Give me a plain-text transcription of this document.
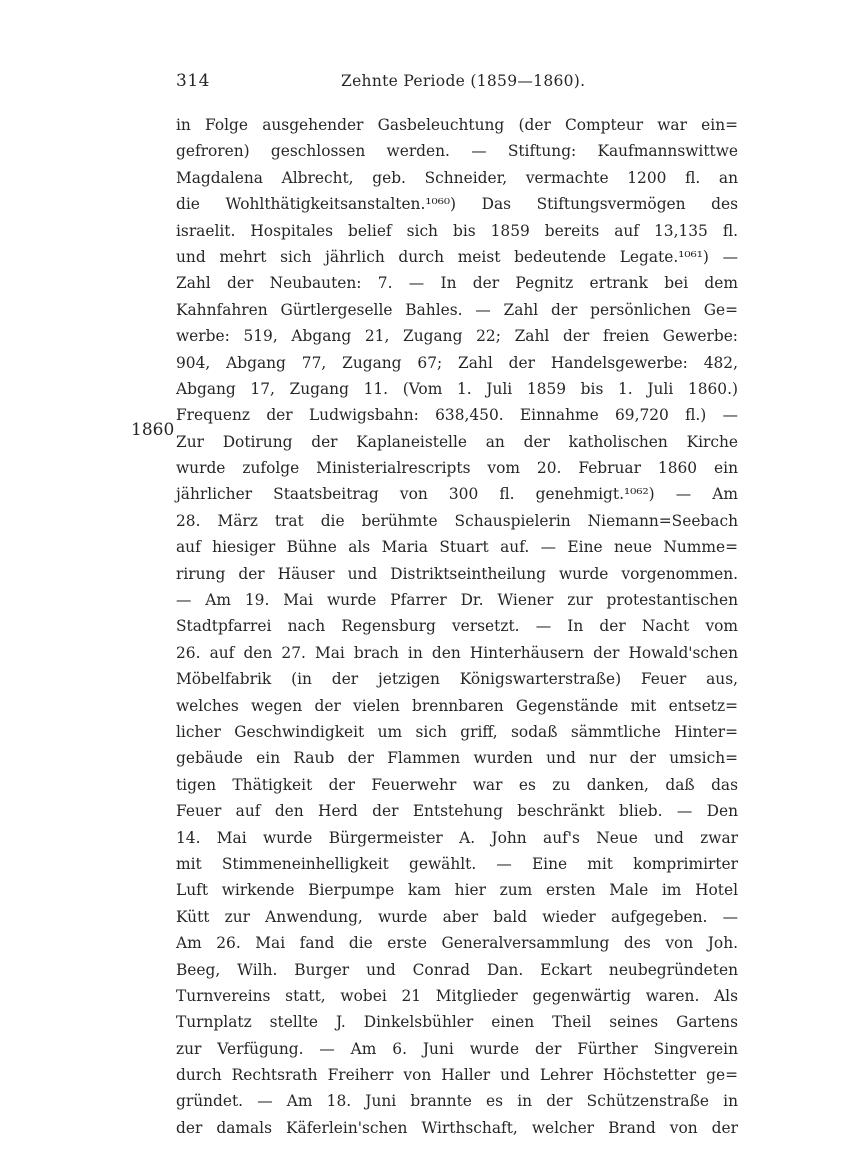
314	Zehnte Periode (1859—1860).
1860
in Folge ausgehender Gasbeleuchtung (der Compteur war ein=
gefroren) geschlossen werden. — Stiftung: Kaufmannswittwe
Magdalena Albrecht, geb. Schneider, vermachte 1200 fl. an
die Wohlthätigkeitsanstalten.¹⁰⁶⁰) Das Stiftungsvermögen des
israelit. Hospitales belief sich bis 1859 bereits auf 13,135 fl.
und mehrt sich jährlich durch meist bedeutende Legate.¹⁰⁶¹) —
Zahl der Neubauten: 7. — In der Pegnitz ertrank bei dem
Kahnfahren Gürtlergeselle Bahles. — Zahl der persönlichen Ge=
werbe: 519, Abgang 21, Zugang 22; Zahl der freien Gewerbe:
904, Abgang 77, Zugang 67; Zahl der Handelsgewerbe: 482,
Abgang 17, Zugang 11. (Vom 1. Juli 1859 bis 1. Juli 1860.)
Frequenz der Ludwigsbahn: 638,450. Einnahme 69,720 fl.) —
Zur Dotirung der Kaplaneistelle an der katholischen Kirche
wurde zufolge Ministerialrescripts vom 20. Februar 1860 ein
jährlicher Staatsbeitrag von 300 fl. genehmigt.¹⁰⁶²) — Am
28. März trat die berühmte Schauspielerin Niemann=Seebach
auf hiesiger Bühne als Maria Stuart auf. — Eine neue Numme=
rirung der Häuser und Distriktseintheilung wurde vorgenommen.
— Am 19. Mai wurde Pfarrer Dr. Wiener zur protestantischen
Stadtpfarrei nach Regensburg versetzt. — In der Nacht vom
26. auf den 27. Mai brach in den Hinterhäusern der Howald'schen
Möbelfabrik (in der jetzigen Königswarterstraße) Feuer aus,
welches wegen der vielen brennbaren Gegenstände mit entsetz=
licher Geschwindigkeit um sich griff, sodaß sämmtliche Hinter=
gebäude ein Raub der Flammen wurden und nur der umsich=
tigen Thätigkeit der Feuerwehr war es zu danken, daß das
Feuer auf den Herd der Entstehung beschränkt blieb. — Den
14. Mai wurde Bürgermeister A. John auf's Neue und zwar
mit Stimmeneinhelligkeit gewählt. — Eine mit komprimirter
Luft wirkende Bierpumpe kam hier zum ersten Male im Hotel
Kütt zur Anwendung, wurde aber bald wieder aufgegeben. —
Am 26. Mai fand die erste Generalversammlung des von Joh.
Beeg, Wilh. Burger und Conrad Dan. Eckart neubegründeten
Turnvereins statt, wobei 21 Mitglieder gegenwärtig waren. Als
Turnplatz stellte J. Dinkelsbühler einen Theil seines Gartens
zur Verfügung. — Am 6. Juni wurde der Fürther Singverein
durch Rechtsrath Freiherr von Haller und Lehrer Höchstetter ge=
gründet. — Am 18. Juni brannte es in der Schützenstraße in
der damals Käferlein'schen Wirthschaft, welcher Brand von der
